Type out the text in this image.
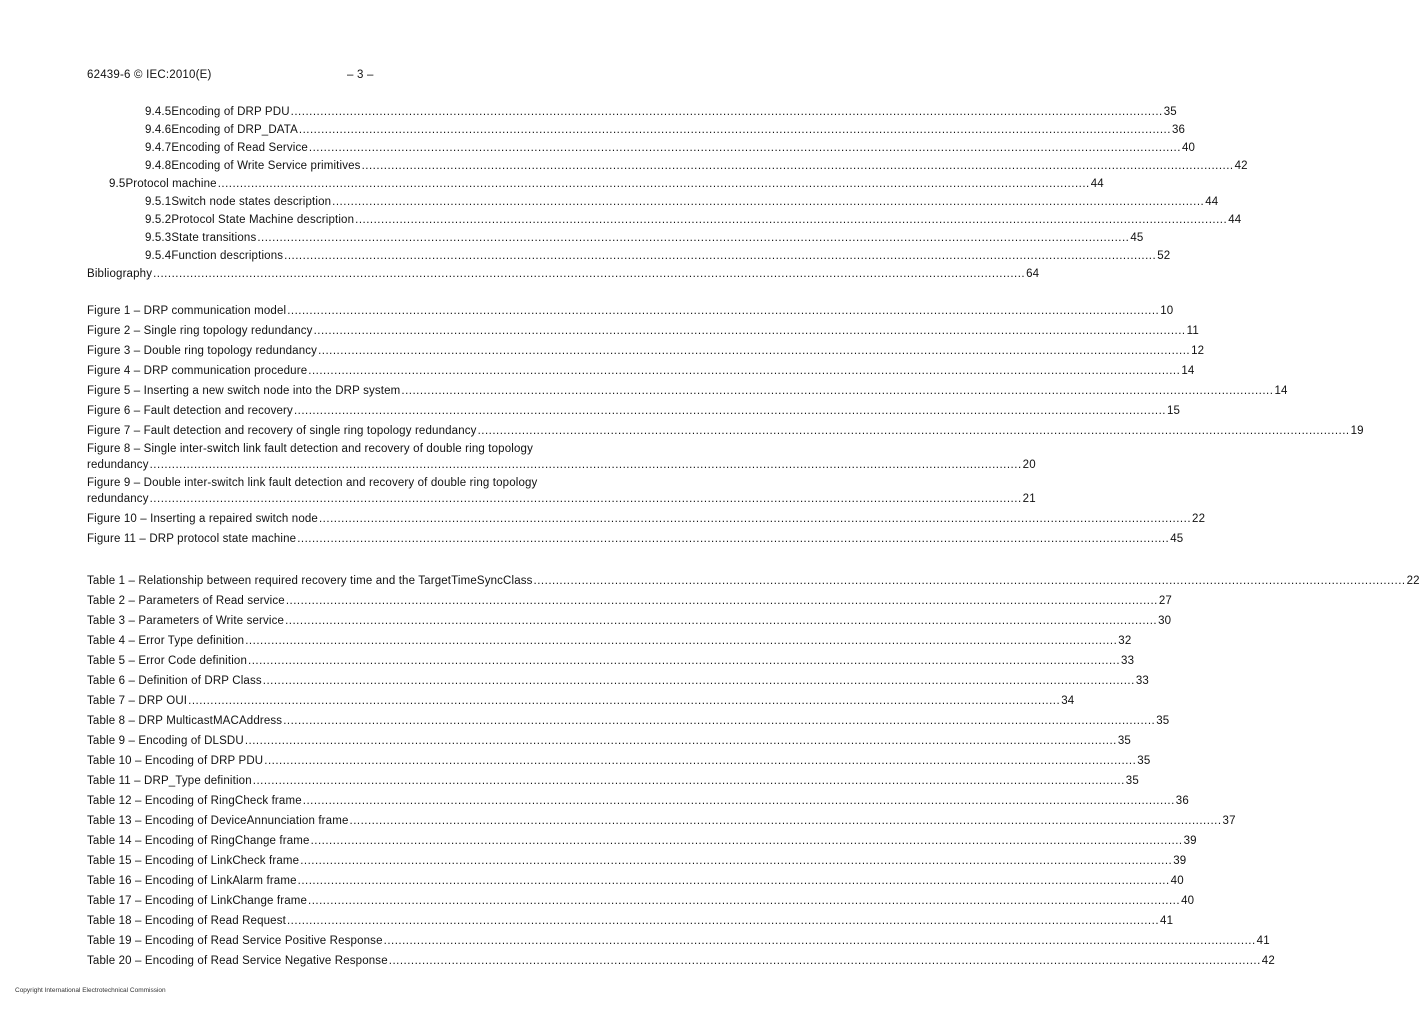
62439-6 © IEC:2010(E)	– 3 –
9.4.5 Encoding of DRP PDU .....	35
9.4.6 Encoding of DRP_DATA .....	36
9.4.7 Encoding of Read Service .....	40
9.4.8 Encoding of Write Service primitives .....	42
9.5 Protocol machine .....	44
9.5.1 Switch node states description .....	44
9.5.2 Protocol State Machine description .....	44
9.5.3 State transitions .....	45
9.5.4 Function descriptions .....	52
Bibliography .....	64
Figure 1 – DRP communication model .....	10
Figure 2 – Single ring topology redundancy .....	11
Figure 3 – Double ring topology redundancy .....	12
Figure 4 – DRP communication procedure .....	14
Figure 5 – Inserting a new switch node into the DRP system .....	14
Figure 6 – Fault detection and recovery .....	15
Figure 7 – Fault detection and recovery of single ring topology redundancy .....	19
Figure 8 – Single inter-switch link fault detection and recovery of double ring topology
redundancy .....	20
Figure 9 – Double inter-switch link fault detection and recovery of double ring topology
redundancy .....	21
Figure 10 – Inserting a repaired switch node .....	22
Figure 11 – DRP protocol state machine .....	45
Table 1 – Relationship between required recovery time and the TargetTimeSyncClass .....	22
Table 2 – Parameters of Read service .....	27
Table 3 – Parameters of Write service .....	30
Table 4 – Error Type definition .....	32
Table 5 – Error Code definition .....	33
Table 6 – Definition of DRP Class .....	33
Table 7 – DRP OUI .....	34
Table 8 – DRP MulticastMACAddress .....	35
Table 9 – Encoding of DLSDU .....	35
Table 10 – Encoding of DRP PDU .....	35
Table 11 – DRP_Type definition .....	35
Table 12 – Encoding of RingCheck frame .....	36
Table 13 – Encoding of DeviceAnnunciation frame .....	37
Table 14 – Encoding of RingChange frame .....	39
Table 15 – Encoding of LinkCheck frame .....	39
Table 16 – Encoding of LinkAlarm frame .....	40
Table 17 – Encoding of LinkChange frame .....	40
Table 18 – Encoding of Read Request .....	41
Table 19 – Encoding of Read Service Positive Response .....	41
Table 20 – Encoding of Read Service Negative Response .....	42
Copyright International Electrotechnical Commission
